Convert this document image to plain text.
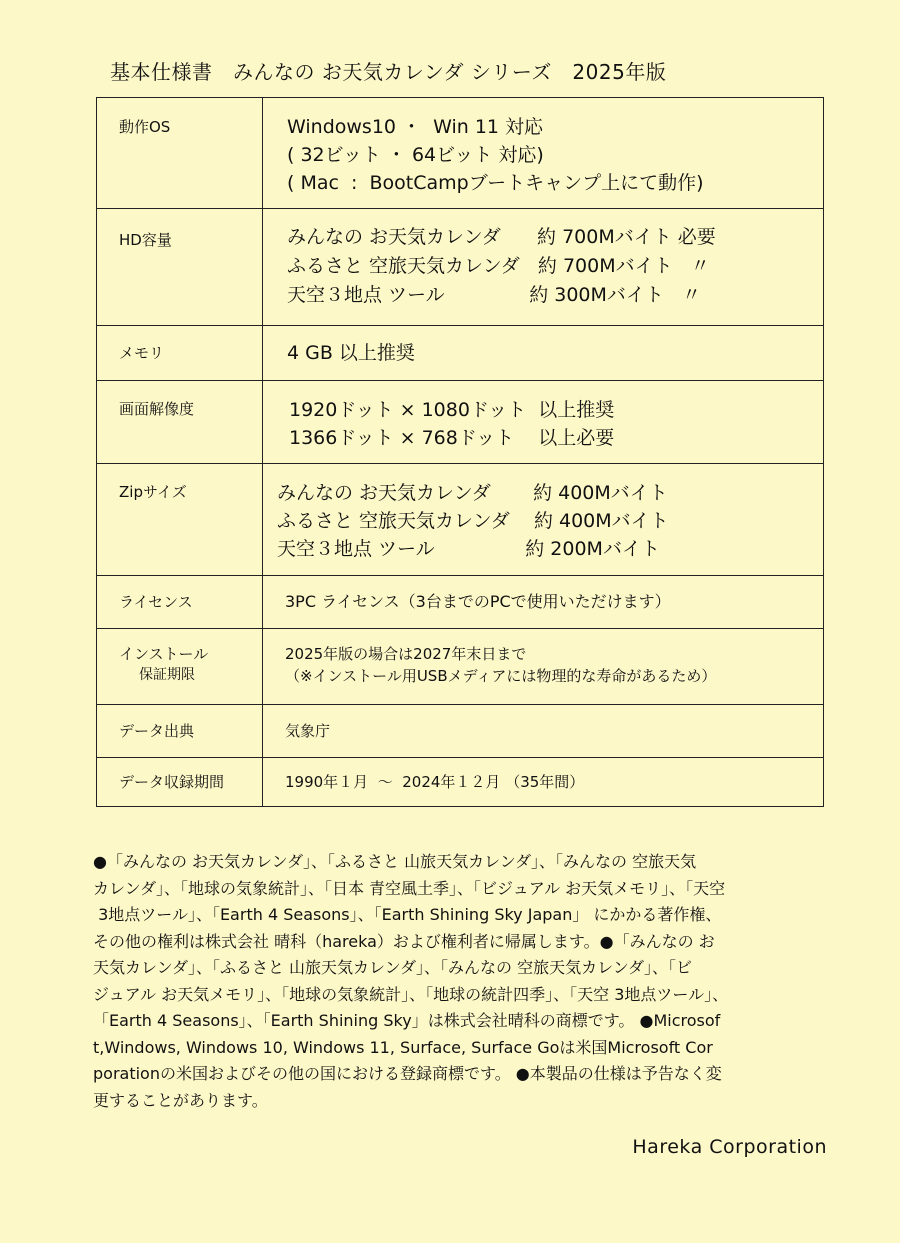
基本仕様書　みんなの お天気カレンダ シリーズ　2025年版
動作OS	Windows10 ・  Win 11 対応
( 32ビット ・ 64ビット 対応)
( Mac  :  BootCampブートキャンプ上にて動作)

HD容量	みんなの お天気カレンダ      約 700Mバイト 必要
ふるさと 空旅天気カレンダ   約 700Mバイト   〃
天空３地点 ツール              約 300Mバイト   〃

メモリ	4 GB 以上推奨

画面解像度	1920ドット × 1080ドット  以上推奨
1366ドット × 768ドット    以上必要

Zipサイズ	みんなの お天気カレンダ       約 400Mバイト
ふるさと 空旅天気カレンダ    約 400Mバイト
天空３地点 ツール               約 200Mバイト

ライセンス	3PC ライセンス（3台までのPCで使用いただけます）

インストール
保証期限	2025年版の場合は2027年末日まで
（※インストール用USBメディアには物理的な寿命があるため）

データ出典	気象庁

データ収録期間	1990年１月  ～  2024年１２月 （35年間）
●「みんなの お天気カレンダ」、「ふるさと 山旅天気カレンダ」、「みんなの 空旅天気
カレンダ」、「地球の気象統計」、「日本 青空風土季」、「ビジュアル お天気メモリ」、「天空
3地点ツール」、「Earth 4 Seasons」、「Earth Shining Sky Japan」 にかかる著作権、
その他の権利は株式会社 晴科（hareka）および権利者に帰属します。●「みんなの お
天気カレンダ」、「ふるさと 山旅天気カレンダ」、「みんなの 空旅天気カレンダ」、「ビ
ジュアル お天気メモリ」、「地球の気象統計」、「地球の統計四季」、「天空 3地点ツール」、
「Earth 4 Seasons」、「Earth Shining Sky」は株式会社晴科の商標です。 ●Microsof
t,Windows, Windows 10, Windows 11, Surface, Surface Goは米国Microsoft Cor
porationの米国およびその他の国における登録商標です。 ●本製品の仕様は予告なく変
更することがあります。
Hareka Corporation
